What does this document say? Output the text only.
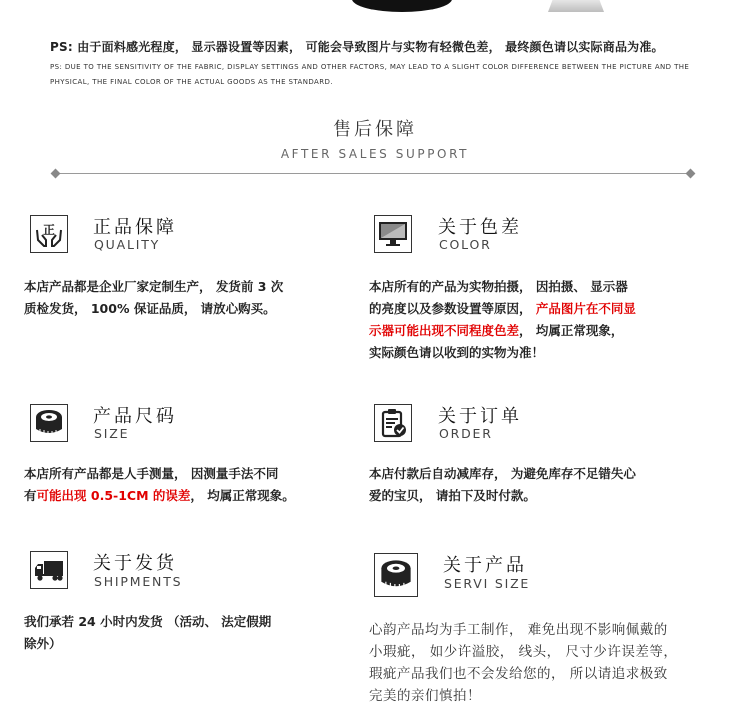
PS: 由于面料感光程度， 显示器设置等因素， 可能会导致图片与实物有轻微色差， 最终颜色请以实际商品为准。
PS: DUE TO THE SENSITIVITY OF THE FABRIC, DISPLAY SETTINGS AND OTHER FACTORS, MAY LEAD TO A SLIGHT COLOR DIFFERENCE BETWEEN THE PICTURE AND THE PHYSICAL, THE FINAL COLOR OF THE ACTUAL GOODS AS THE STANDARD.
售后保障
AFTER SALES SUPPORT
正 正品保障
QUALITY
本店产品都是企业厂家定制生产， 发货前 3 次
质检发货， 100% 保证品质， 请放心购买。
关于色差
COLOR
本店所有的产品为实物拍摄， 因拍摄、 显示器
的亮度以及参数设置等原因， 产品图片在不同显
示器可能出现不同程度色差， 均属正常现象，
实际颜色请以收到的实物为准！
产品尺码
SIZE
本店所有产品都是人手测量， 因测量手法不同
有可能出现 0.5-1CM 的误差， 均属正常现象。
关于订单
ORDER
本店付款后自动减库存， 为避免库存不足错失心
爱的宝贝， 请拍下及时付款。
关于发货
SHIPMENTS
我们承若 24 小时内发货 （活动、 法定假期
除外）
关于产品
SERVI SIZE
心韵产品均为手工制作， 难免出现不影响佩戴的
小瑕疵， 如少许溢胶， 线头， 尺寸少许误差等，
瑕疵产品我们也不会发给您的， 所以请追求极致
完美的亲们慎拍！
